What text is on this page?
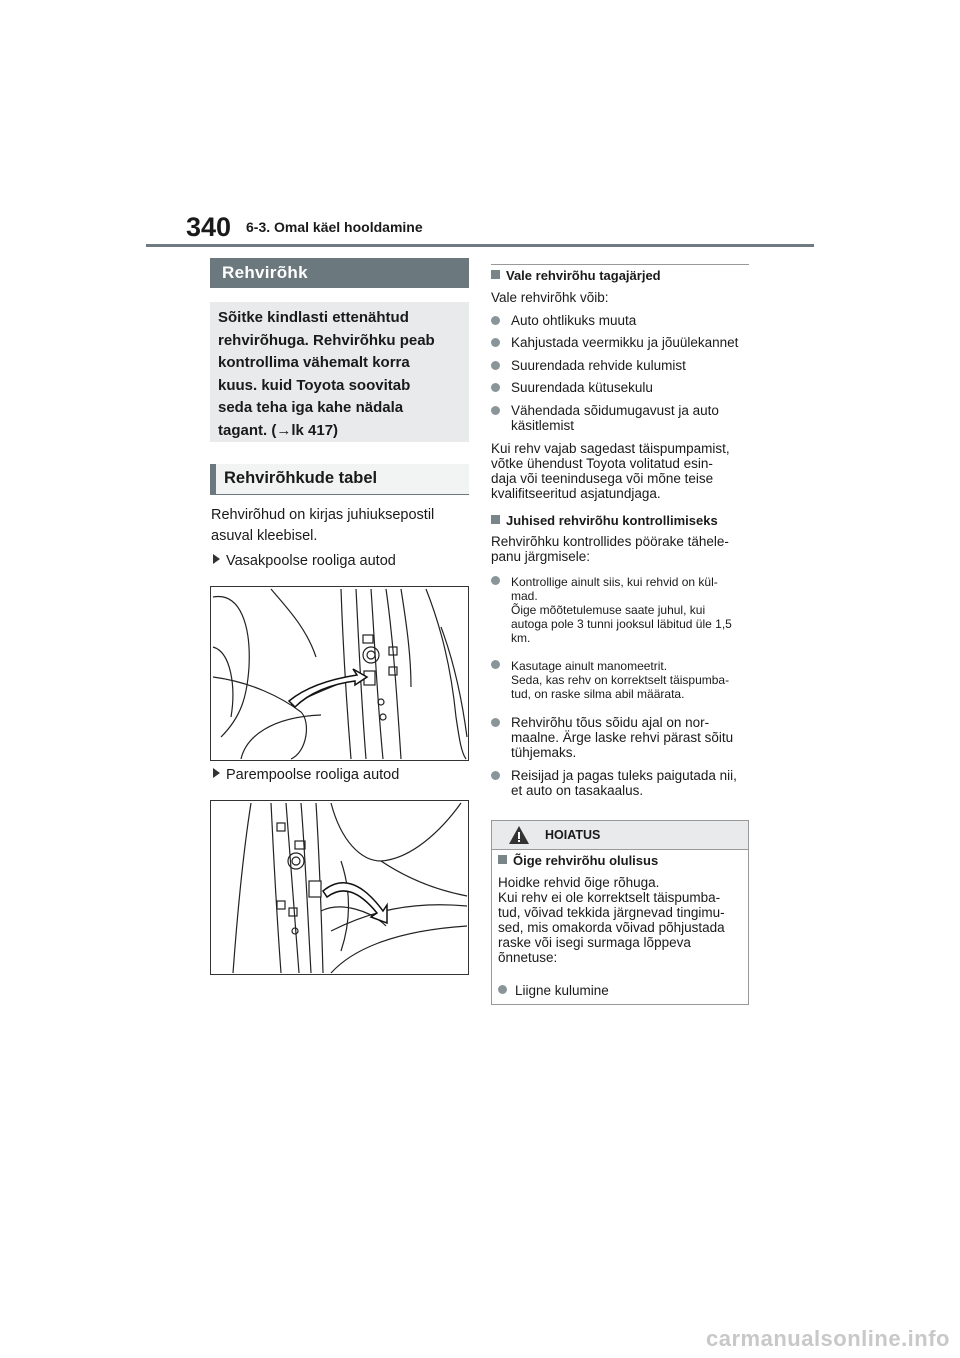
340 6-3. Omal käel hooldamine
Rehvirõhk
Sõitke kindlasti ettenähtud
rehvirõhuga. Rehvirõhku peab
kontrollima vähemalt korra
kuus. kuid Toyota soovitab
seda teha iga kahe nädala
tagant. (→lk 417)
Rehvirõhkude tabel
Rehvirõhud on kirjas juhiuksepostil
asuval kleebisel.
Vasakpoolse rooliga autod
Parempoolse rooliga autod
Vale rehvirõhu tagajärjed
Vale rehvirõhk võib:
Auto ohtlikuks muuta
Kahjustada veermikku ja jõuülekannet
Suurendada rehvide kulumist
Suurendada kütusekulu
Vähendada sõidumugavust ja auto
käsitlemist
Kui rehv vajab sagedast täispumpamist,
võtke ühendust Toyota volitatud esin-
daja või teenindusega või mõne teise
kvalifitseeritud asjatundjaga.
Juhised rehvirõhu kontrollimiseks
Rehvirõhku kontrollides pöörake tähele-
panu järgmisele:
Kontrollige ainult siis, kui rehvid on kül-
mad.
Õige mõõtetulemuse saate juhul, kui
autoga pole 3 tunni jooksul läbitud üle 1,5
km.
Kasutage ainult manomeetrit.
Seda, kas rehv on korrektselt täispumba-
tud, on raske silma abil määrata.
Rehvirõhu tõus sõidu ajal on nor-
maalne. Ärge laske rehvi pärast sõitu
tühjemaks.
Reisijad ja pagas tuleks paigutada nii,
et auto on tasakaalus.
HOIATUS
Õige rehvirõhu olulisus
Hoidke rehvid õige rõhuga.
Kui rehv ei ole korrektselt täispumba-
tud, võivad tekkida järgnevad tingimu-
sed, mis omakorda võivad põhjustada
raske või isegi surmaga lõppeva
õnnetuse:
Liigne kulumine
carmanualsonline.info
